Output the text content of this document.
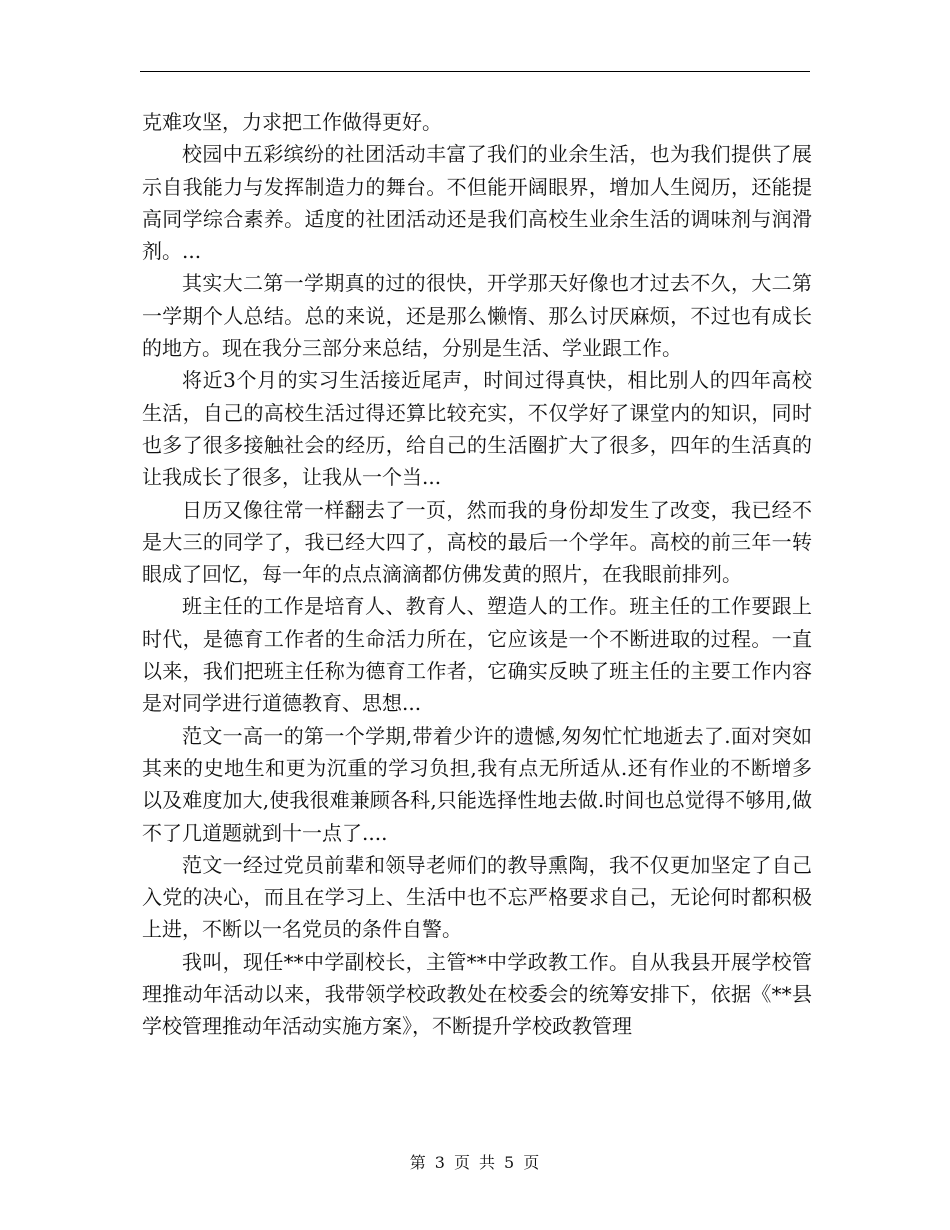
克难攻坚，力求把工作做得更好。

校园中五彩缤纷的社团活动丰富了我们的业余生活，也为我们提供了展示自我能力与发挥制造力的舞台。不但能开阔眼界，增加人生阅历，还能提高同学综合素养。适度的社团活动还是我们高校生业余生活的调味剂与润滑剂。...

其实大二第一学期真的过的很快，开学那天好像也才过去不久，大二第一学期个人总结。总的来说，还是那么懒惰、那么讨厌麻烦，不过也有成长的地方。现在我分三部分来总结，分别是生活、学业跟工作。

将近3个月的实习生活接近尾声，时间过得真快，相比别人的四年高校生活，自己的高校生活过得还算比较充实，不仅学好了课堂内的知识，同时也多了很多接触社会的经历，给自己的生活圈扩大了很多，四年的生活真的让我成长了很多，让我从一个当...

日历又像往常一样翻去了一页，然而我的身份却发生了改变，我已经不是大三的同学了，我已经大四了，高校的最后一个学年。高校的前三年一转眼成了回忆，每一年的点点滴滴都仿佛发黄的照片，在我眼前排列。

班主任的工作是培育人、教育人、塑造人的工作。班主任的工作要跟上时代，是德育工作者的生命活力所在，它应该是一个不断进取的过程。一直以来，我们把班主任称为德育工作者，它确实反映了班主任的主要工作内容是对同学进行道德教育、思想...

范文一高一的第一个学期,带着少许的遗憾,匆匆忙忙地逝去了.面对突如其来的史地生和更为沉重的学习负担,我有点无所适从.还有作业的不断增多以及难度加大,使我很难兼顾各科,只能选择性地去做.时间也总觉得不够用,做不了几道题就到十一点了....

范文一经过党员前辈和领导老师们的教导熏陶，我不仅更加坚定了自己入党的决心，而且在学习上、生活中也不忘严格要求自己，无论何时都积极上进，不断以一名党员的条件自警。

我叫，现任**中学副校长，主管**中学政教工作。自从我县开展学校管理推动年活动以来，我带领学校政教处在校委会的统筹安排下，依据《**县学校管理推动年活动实施方案》，不断提升学校政教管理

第 3 页 共 5 页
